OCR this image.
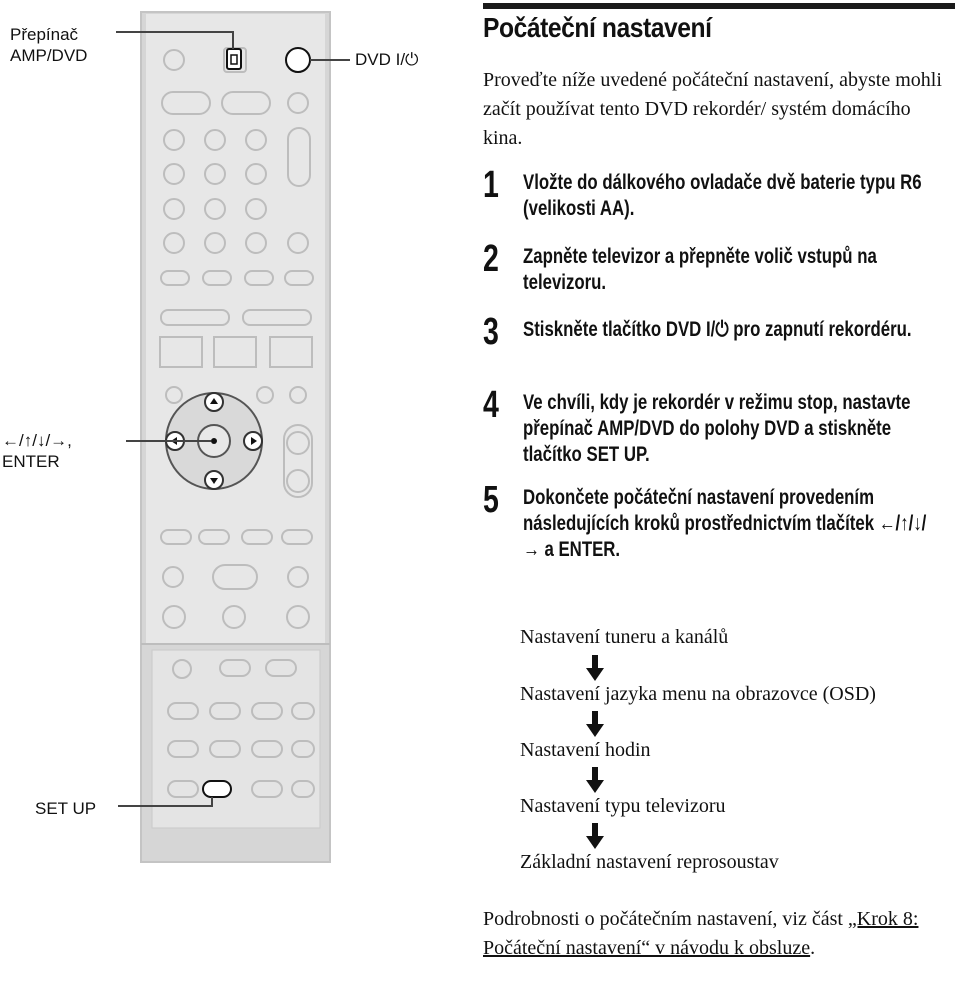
Přepínač
AMP/DVD	DVD I/⏻
←/↑/↓/→,
ENTER
SET UP
Počáteční nastavení

Proveďte níže uvedené počáteční nastavení, abyste mohli začít používat tento DVD rekordér/ systém domácího kina.

1 Vložte do dálkového ovladače dvě baterie typu R6 (velikosti AA).

2 Zapněte televizor a přepněte volič vstupů na televizoru.

3 Stiskněte tlačítko DVD I/⏻ pro zapnutí rekordéru.

4 Ve chvíli, kdy je rekordér v režimu stop, nastavte přepínač AMP/DVD do polohy DVD a stiskněte tlačítko SET UP.

5 Dokončete počáteční nastavení provedením následujících kroků prostřednictvím tlačítek ←/↑/↓/→ a ENTER.

Nastavení tuneru a kanálů
Nastavení jazyka menu na obrazovce (OSD)
Nastavení hodin
Nastavení typu televizoru
Základní nastavení reprosoustav

Podrobnosti o počátečním nastavení, viz část „Krok 8: Počáteční nastavení“ v návodu k obsluze.
